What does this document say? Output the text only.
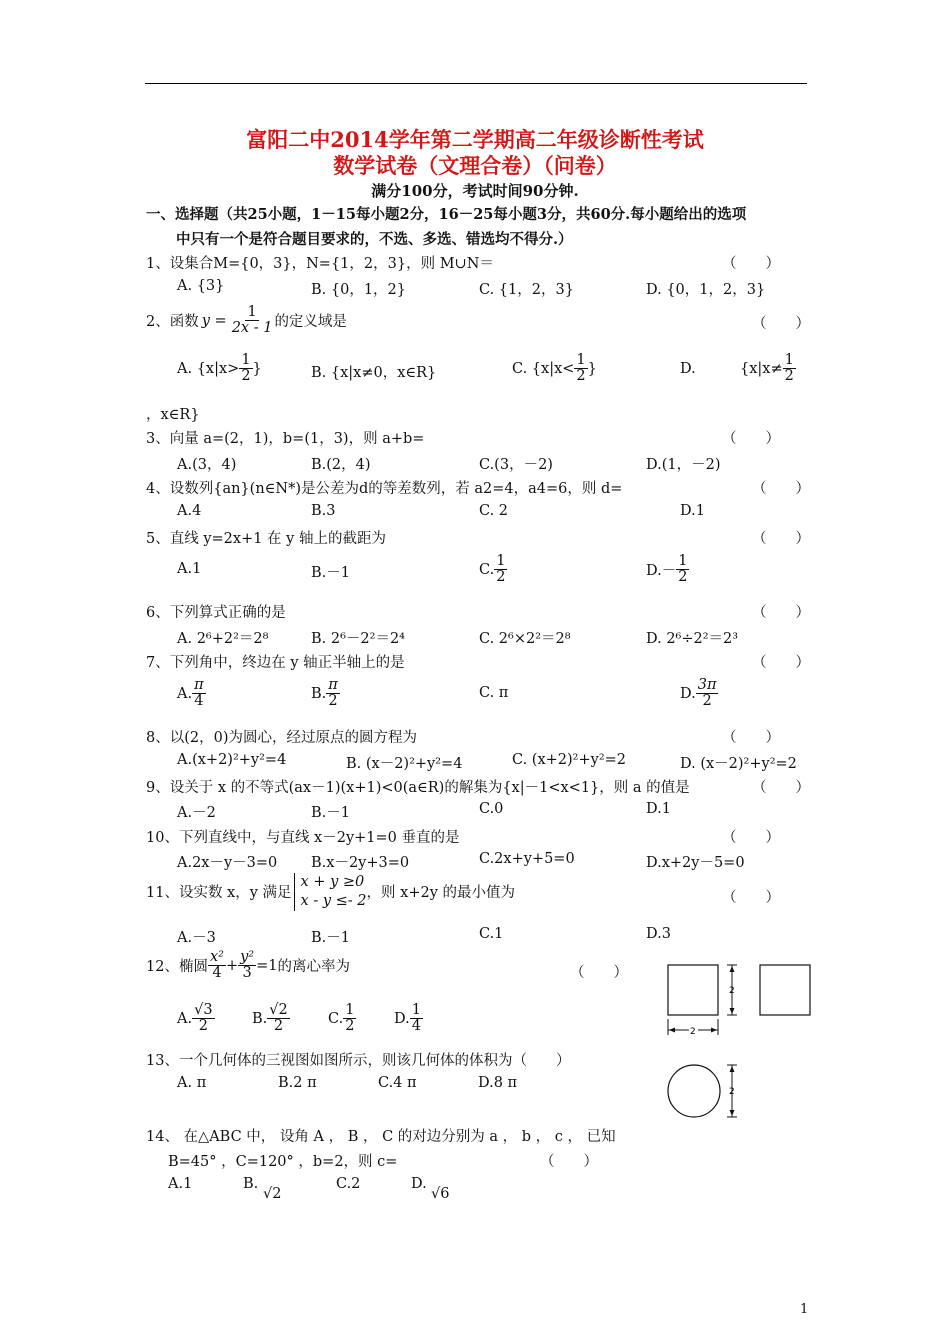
富阳二中2014学年第二学期高二年级诊断性考试
数学试卷（文理合卷）（问卷）
满分100分，考试时间90分钟.
一、选择题（共25小题，1－15每小题2分，16－25每小题3分，共60分.每小题给出的选项
中只有一个是符合题目要求的，不选、多选、错选均不得分.）
1、设集合M={0，3}，N={1，2，3}，则 M∪N＝	（　　）
A. {3}	B. {0，1，2}	C. {1，2，3}	D. {0，1，2，3}
2、函数 $y = \frac{1}{2x - 1}$ 的定义域是	（　　）
A. {$x|x> \frac{1}{2}$ }	B. {x|x≠0，x∈R}	C. {$x|x< \frac{1}{2}$ }	D.	{$x|x\ne \frac{1}{2}$
，x∈R}
3、向量 a=(2，1)，b=(1，3)，则 a+b=	（　　）
A.(3，4)	B.(2，4)	C.(3，－2)	D.(1，－2)
4、设数列{an}(n∈N*)是公差为d的等差数列，若 a2=4，a4=6，则 d=	（　　）
A.4	B.3	C. 2	D.1
5、直线 y=2x+1 在 y 轴上的截距为	（　　）
A.1	B.－1	C. $\frac{1}{2}$	$D.- \frac{1}{2}$
6、下列算式正确的是	（　　）
A. 2⁶+2²＝2⁸	B. 2⁶－2²＝2⁴	C. 2⁶×2²＝2⁸	D. 2⁶÷2²＝2³
7、下列角中，终边在 y 轴正半轴上的是	（　　）
A. $\frac{\pi}{4}$	B. $\frac{\pi}{2}$	C. π	D. $\frac{3\pi}{2}$
8、以(2，0)为圆心，经过原点的圆方程为	（　　）
A.(x+2)²+y²=4	B. (x－2)²+y²=4	C. (x+2)²+y²=2	D. (x－2)²+y²=2
9、设关于 x 的不等式(ax－1)(x+1)<0(a∈R)的解集为{x|－1<x<1}，则 a 的值是	（　　）
A.－2	B.－1	C.0	D.1
10、下列直线中，与直线 x－2y+1=0 垂直的是	（　　）
A.2x－y－3=0 B.x－2y+3=0	C.2x+y+5=0	D.x+2y－5=0
11、设实数 x，y 满足
x + y ≥0
x - y ≤- 2 ，则 x+2y 的最小值为	（　　）
A.－3	B.－1	C.1	D.3
12、椭圆 $\frac{\text{x²}}{4} + \frac{\text{y²}}{3} =1$ 的离心率为	（　　）
A. $\frac{√3}{2}$	B. $\frac{√2}{2}$	C. $\frac{1}{2}$	D. $\frac{1}{4}$
13、一个几何体的三视图如图所示，则该几何体的体积为（　　）
A. π	B.2 π	C.4 π	D.8 π
2
2
2
14、 在△ABC 中， 设角 A ， B ， C 的对边分别为 a ， b ， c ， 已知
B=45° ，C=120° ，b=2，则 c=	（　　）
A.1	B.
√2
C.2	D.
√6
1
